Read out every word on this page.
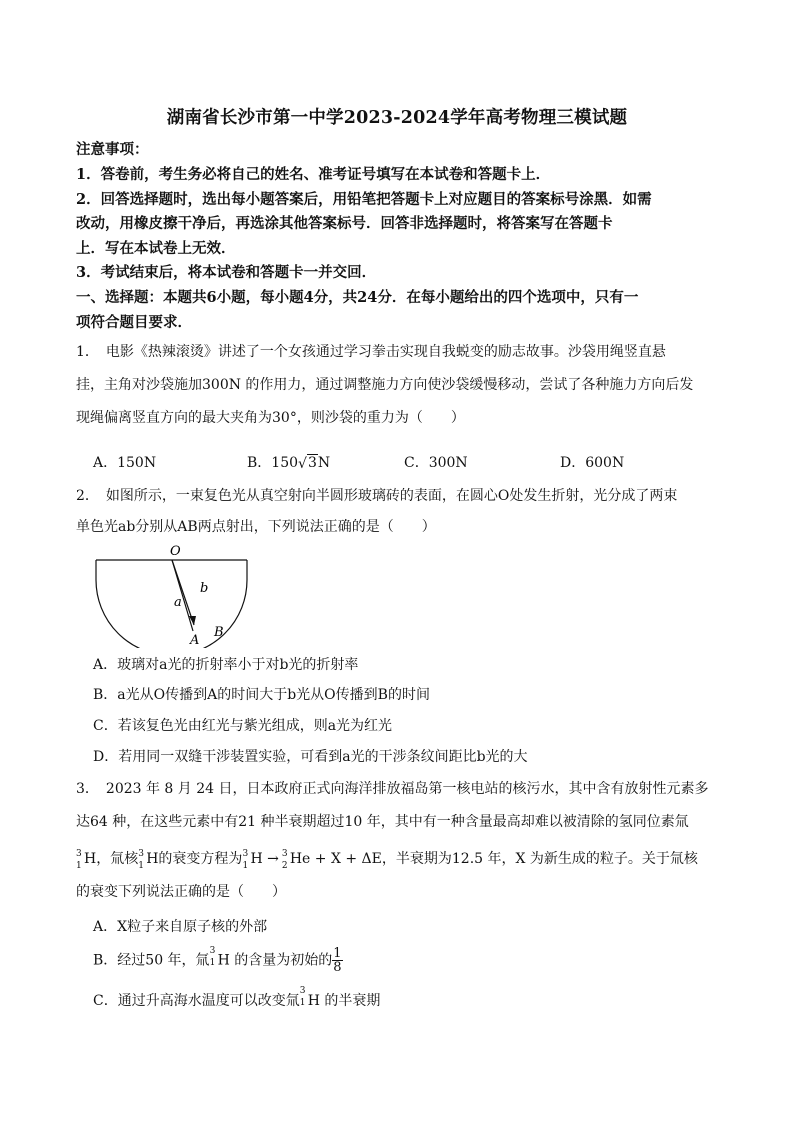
湖南省长沙市第一中学2023-2024学年高考物理三模试题
注意事项：
1．答卷前，考生务必将自己的姓名、准考证号填写在本试卷和答题卡上．
2．回答选择题时，选出每小题答案后，用铅笔把答题卡上对应题目的答案标号涂黑．如需
改动，用橡皮擦干净后，再选涂其他答案标号．回答非选择题时，将答案写在答题卡
上．写在本试卷上无效．
3．考试结束后，将本试卷和答题卡一并交回．
一、选择题：本题共6小题，每小题4分，共24分．在每小题给出的四个选项中，只有一
项符合题目要求．
1．　电影《热辣滚烫》讲述了一个女孩通过学习拳击实现自我蜕变的励志故事。沙袋用绳竖直悬
挂，主角对沙袋施加300N 的作用力，通过调整施力方向使沙袋缓慢移动，尝试了各种施力方向后发
现绳偏离竖直方向的最大夹角为30°，则沙袋的重力为（　　）
A．150N	B．150√3N	C．300N	D．600N
2．　如图所示，一束复色光从真空射向半圆形玻璃砖的表面，在圆心O处发生折射，光分成了两束
单色光ab分别从AB两点射出，下列说法正确的是（　　）
O
b
a
A
B
A．玻璃对a光的折射率小于对b光的折射率
B．a光从O传播到A的时间大于b光从O传播到B的时间
C．若该复色光由红光与紫光组成，则a光为红光
D．若用同一双缝干涉装置实验，可看到a光的干涉条纹间距比b光的大
3．　2023 年 8 月 24 日，日本政府正式向海洋排放福岛第一核电站的核污水，其中含有放射性元素多
达64 种，在这些元素中有21 种半衰期超过10 年，其中有一种含量最高却难以被清除的氢同位素氚
3
1 H，氚核 3
1 H的衰变方程为 3
1 H → 3
2 He + X + ΔE，半衰期为12.5 年，X 为新生成的粒子。关于氚核
的衰变下列说法正确的是（　　）
A．X粒子来自原子核的外部
B．经过50 年，氚
3
1 H 的含量为初始的 $\frac{1}{8}$
C．通过升高海水温度可以改变氚
3
1 H 的半衰期
